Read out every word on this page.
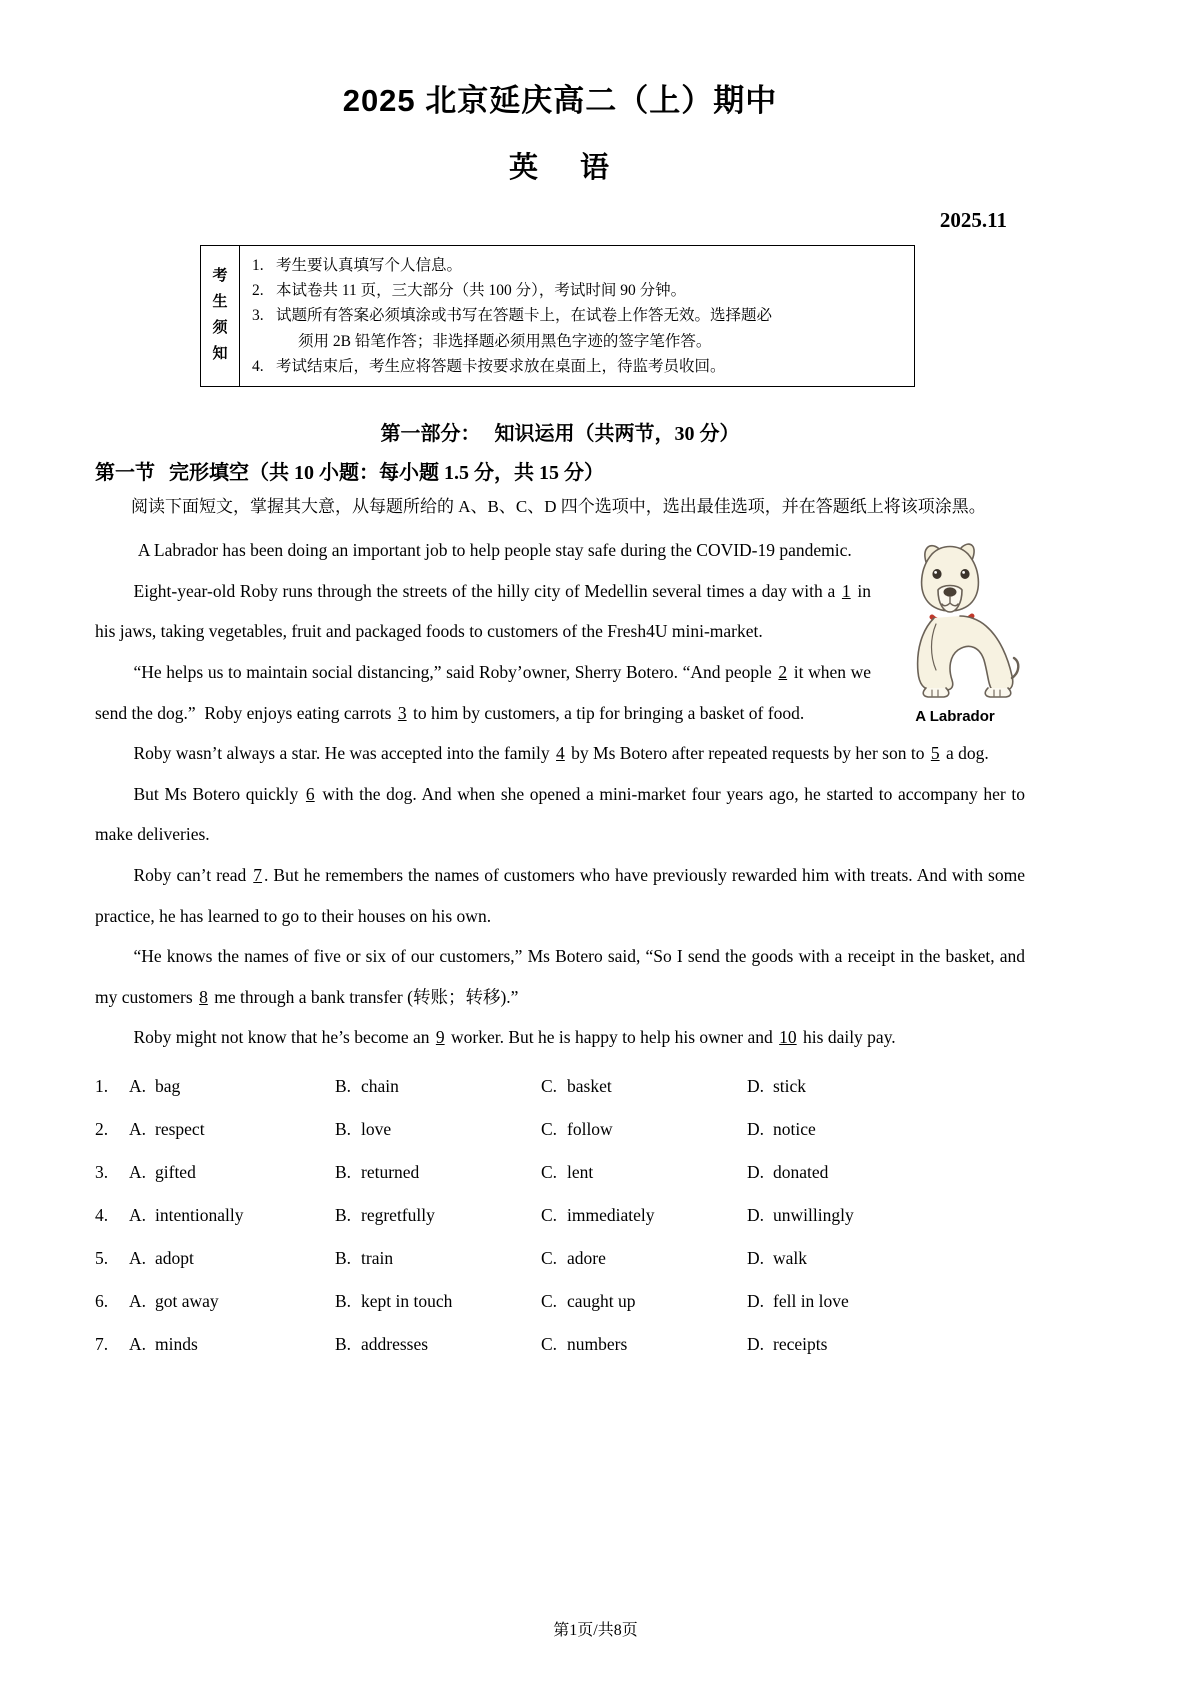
2025 北京延庆高二（上）期中
英 语
2025.11
考
生
须
知
1. 考生要认真填写个人信息。
2. 本试卷共 11 页，三大部分（共 100 分），考试时间 90 分钟。
3. 试题所有答案必须填涂或书写在答题卡上，在试卷上作答无效。选择题必
须用 2B 铅笔作答；非选择题必须用黑色字迹的签字笔作答。
4. 考试结束后，考生应将答题卡按要求放在桌面上，待监考员收回。
第一部分： 知识运用（共两节，30 分）
第一节 完形填空（共 10 小题：每小题 1.5 分，共 15 分）
阅读下面短文，掌握其大意，从每题所给的 A、B、C、D 四个选项中，选出最佳选项，并在答题纸上将该项涂黑。
A Labrador

A Labrador has been doing an important job to help people stay safe during the COVID-19 pandemic.

Eight-year-old Roby runs through the streets of the hilly city of Medellin several times a day with a 1 in his jaws, taking vegetables, fruit and packaged foods to customers of the Fresh4U mini-market.

“He helps us to maintain social distancing,” said Roby’owner, Sherry Botero. “And people 2 it when we send the dog.”  Roby enjoys eating carrots 3 to him by customers, a tip for bringing a basket of food.

Roby wasn’t always a star. He was accepted into the family 4 by Ms Botero after repeated requests by her son to 5 a dog.

But Ms Botero quickly 6 with the dog. And when she opened a mini-market four years ago, he started to accompany her to make deliveries.

Roby can’t read 7 . But he remembers the names of customers who have previously rewarded him with treats. And with some practice, he has learned to go to their houses on his own.

“He knows the names of five or six of our customers,” Ms Botero said, “So I send the goods with a receipt in the basket, and my customers 8 me through a bank transfer (转账；转移).”

Roby might not know that he’s become an 9 worker. But he is happy to help his owner and 10 his daily pay.

1.	A. bag	B. chain	C. basket	D. stick
2.	A. respect	B. love	C. follow	D. notice
3.	A. gifted	B. returned	C. lent	D. donated
4.	A. intentionally	B. regretfully	C. immediately	D. unwillingly
5.	A. adopt	B. train	C. adore	D. walk
6.	A. got away	B. kept in touch	C. caught up	D. fell in love
7.	A. minds	B. addresses	C. numbers	D. receipts
第1页/共8页
